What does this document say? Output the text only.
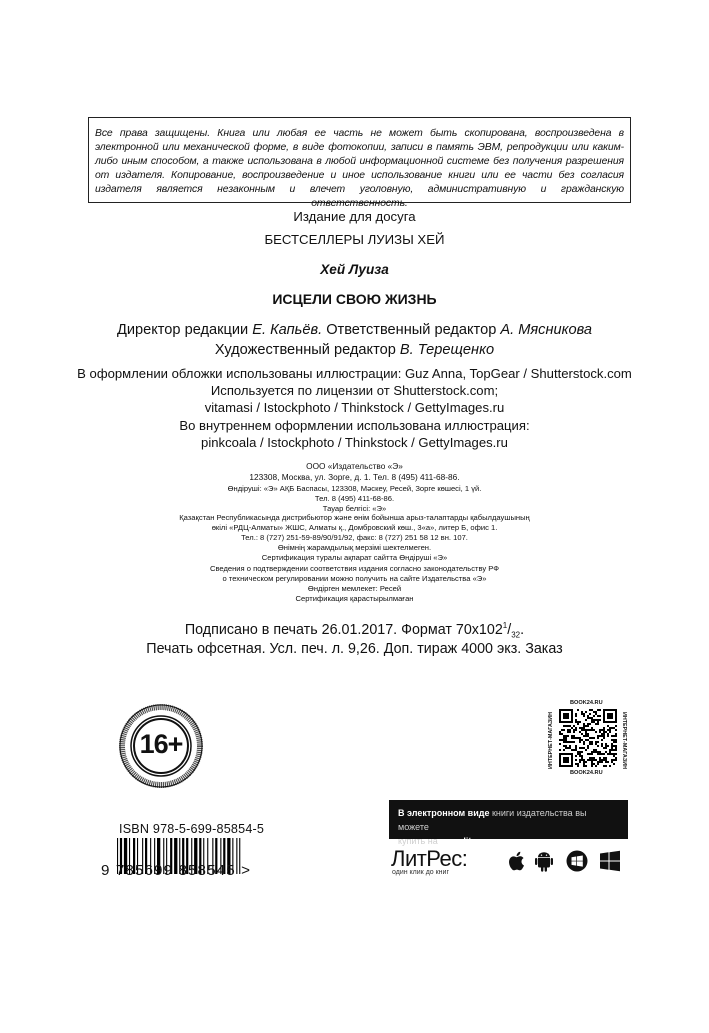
Все права защищены. Книга или любая ее часть не может быть скопирована, воспроизведена в электронной или механической форме, в виде фотокопии, записи в память ЭВМ, репродукции или каким-либо иным способом, а также использована в любой информационной системе без получения разрешения от издателя. Копирование, воспроизведение и иное использование книги или ее части без согласия издателя является незаконным и влечет уголовную, административную и гражданскую ответственность.
Издание для досуга
БЕСТСЕЛЛЕРЫ ЛУИЗЫ ХЕЙ
Хей Луиза
ИСЦЕЛИ СВОЮ ЖИЗНЬ
Директор редакции Е. Капьёв. Ответственный редактор А. Мясникова
Художественный редактор В. Терещенко
В оформлении обложки использованы иллюстрации: Guz Anna, TopGear / Shutterstock.com
Используется по лицензии от Shutterstock.com;
vitamasi / Istockphoto / Thinkstock / GettyImages.ru
Во внутреннем оформлении использована иллюстрация:
pinkcoala / Istockphoto / Thinkstock / GettyImages.ru
ООО «Издательство «Э»
123308, Москва, ул. Зорге, д. 1. Тел. 8 (495) 411-68-86.
Өндіруші: «Э» АҚБ Баспасы, 123308, Мәскеу, Ресей, Зорге көшесі, 1 үй.
Тел. 8 (495) 411-68-86.
Тауар белгісі: «Э»
Қазақстан Республикасында дистрибьютор және өнім бойынша арыз-талаптарды қабылдаушының
өкілі «РДЦ-Алматы» ЖШС, Алматы қ., Домбровский көш., 3«а», литер Б, офис 1.
Тел.: 8 (727) 251-59-89/90/91/92, факс: 8 (727) 251 58 12 вн. 107.
Өнімнің жарамдылық мерзімі шектелмеген.
Сертификация туралы ақпарат сайтта Өндіруші «Э»
Сведения о подтверждении соответствия издания согласно законодательству РФ
о техническом регулировании можно получить на сайте Издательства «Э»
Өндірген мемлекет: Ресей
Сертификация қарастырылмаған
Подписано в печать 26.01.2017. Формат $70x102^1/_{32}$.
Печать офсетная. Усл. печ. л. 9,26. Доп. тираж 4000 экз. Заказ
16+
ISBN 978-5-699-85854-5
9 785699 858545 >
BOOK24.RU
ИНТЕРНЕТ-МАГАЗИН	ИНТЕРНЕТ-МАГАЗИН
BOOK24.RU
В электронном виде книги издательства вы можете
купить на www.litres.ru
ЛитРес:
один клик до книг
